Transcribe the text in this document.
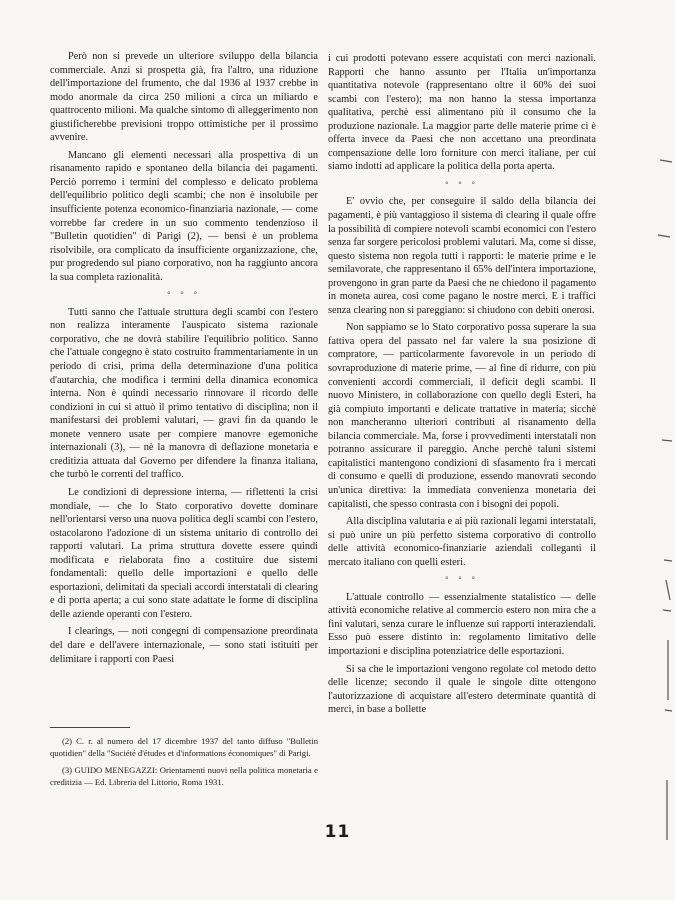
Però non si prevede un ulteriore sviluppo della bilancia commerciale. Anzi si prospetta già, fra l'altro, una riduzione dell'importazione del frumento, che dal 1936 al 1937 crebbe in modo anormale da circa 250 milioni a circa un miliardo e quattrocento milioni. Ma qualche sintomo di alleggerimento non giustificherebbe previsioni troppo ottimistiche per il prossimo avvenire.

Mancano gli elementi necessari alla prospettiva di un risanamento rapido e spontaneo della bilancia dei pagamenti. Perciò porremo i termini del complesso e delicato problema dell'equilibrio politico degli scambi; che non è insolubile per insufficiente potenza economico-finanziaria nazionale, — come vorrebbe far credere in un suo commento tendenzioso il "Bulletin quotidien" di Parigi (2), — bensì è un problema risolvibile, ora complicato da insufficiente organizzazione, che, pur progredendo sul piano corporativo, non ha raggiunto ancora la sua completa razionalità.

° ° °

Tutti sanno che l'attuale struttura degli scambi con l'estero non realizza interamente l'auspicato sistema razionale corporativo, che ne dovrà stabilire l'equilibrio politico. Sanno che l'attuale congegno è stato costruito frammentariamente in un periodo di crisi, prima della determinazione d'una politica d'autarchia, che modifica i termini della dinamica economica interna. Non è quindi necessario rinnovare il ricordo delle condizioni in cui si attuò il primo tentativo di disciplina; non il manifestarsi dei problemi valutari, — gravi fin da quando le monete vennero usate per compiere manovre egemoniche internazionali (3), — nè la manovra di deflazione monetaria e creditizia attuata dal Governo per difendere la finanza italiana, che turbò le correnti del traffico.

Le condizioni di depressione interna, — riflettenti la crisi mondiale, — che lo Stato corporativo dovette dominare nell'orientarsi verso una nuova politica degli scambi con l'estero, ostacolarono l'adozione di un sistema unitario di controllo dei rapporti valutari. La prima struttura dovette essere quindi modificata e rielaborata fino a costituire due sistemi fondamentali: quello delle importazioni e quello delle esportazioni, delimitati da speciali accordi interstatali di clearing e di porta aperta; a cui sono state adattate le forme di disciplina delle aziende operanti con l'estero.

I clearings, — noti congegni di compensazione preordinata del dare e dell'avere internazionale, — sono stati istituiti per delimitare i rapporti con Paesi

(2) C. r. al numero del 17 dicembre 1937 del tanto diffuso "Bulletin quotidien" della "Société d'études et d'informations économiques" di Parigi.

(3) GUIDO MENEGAZZI: Orientamenti nuovi nella politica monetaria e creditizia — Ed. Libreria del Littorio, Roma 1931.

i cui prodotti potevano essere acquistati con merci nazionali. Rapporti che hanno assunto per l'Italia un'importanza quantitativa notevole (rappresentano oltre il 60% dei suoi scambi con l'estero); ma non hanno la stessa importanza qualitativa, perchè essi alimentano più il consumo che la produzione nazionale. La maggior parte delle materie prime ci è offerta invece da Paesi che non accettano una preordinata compensazione delle loro forniture con merci italiane, per cui siamo indotti ad applicare la politica della porta aperta.

° ° °

E' ovvio che, per conseguire il saldo della bilancia dei pagamenti, è più vantaggioso il sistema di clearing il quale offre la possibilità di compiere notevoli scambi economici con l'estero senza far sorgere pericolosi problemi valutari. Ma, come si disse, questo sistema non regola tutti i rapporti: le materie prime e le semilavorate, che rappresentano il 65% dell'intera importazione, provengono in gran parte da Paesi che ne chiedono il pagamento in moneta aurea, così come pagano le nostre merci. E i traffici senza clearing non si pareggiano: si chiudono con debiti onerosi.

Non sappiamo se lo Stato corporativo possa superare la sua fattiva opera del passato nel far valere la sua posizione di compratore, — particolarmente favorevole in un periodo di sovraproduzione di materie prime, — al fine di ridurre, con più convenienti accordi commerciali, il deficit degli scambi. Il nuovo Ministero, in collaborazione con quello degli Esteri, ha già compiuto importanti e delicate trattative in materia; sicchè non mancheranno ulteriori contributi al risanamento della bilancia commerciale. Ma, forse i provvedimenti interstatali non potranno assicurare il pareggio. Anche perchè taluni sistemi capitalistici mantengono condizioni di sfasamento fra i mercati di consumo e quelli di produzione, essendo manovrati secondo un'unica direttiva: la immediata convenienza monetaria dei capitalisti, che spesso contrasta con i bisogni dei popoli.

Alla disciplina valutaria e ai più razionali legami interstatali, si può unire un più perfetto sistema corporativo di controllo delle attività economico-finanziarie aziendali colleganti il mercato italiano con quelli esteri.

° ° °

L'attuale controllo — essenzialmente statalistico — delle attività economiche relative al commercio estero non mira che a fini valutari, senza curare le influenze sui rapporti interaziendali. Esso può essere distinto in: regolamento limitativo delle importazioni e disciplina potenziatrice delle esportazioni.

Si sa che le importazioni vengono regolate col metodo detto delle licenze; secondo il quale le singole ditte ottengono l'autorizzazione di acquistare all'estero determinate quantità di merci, in base a bollette

11
